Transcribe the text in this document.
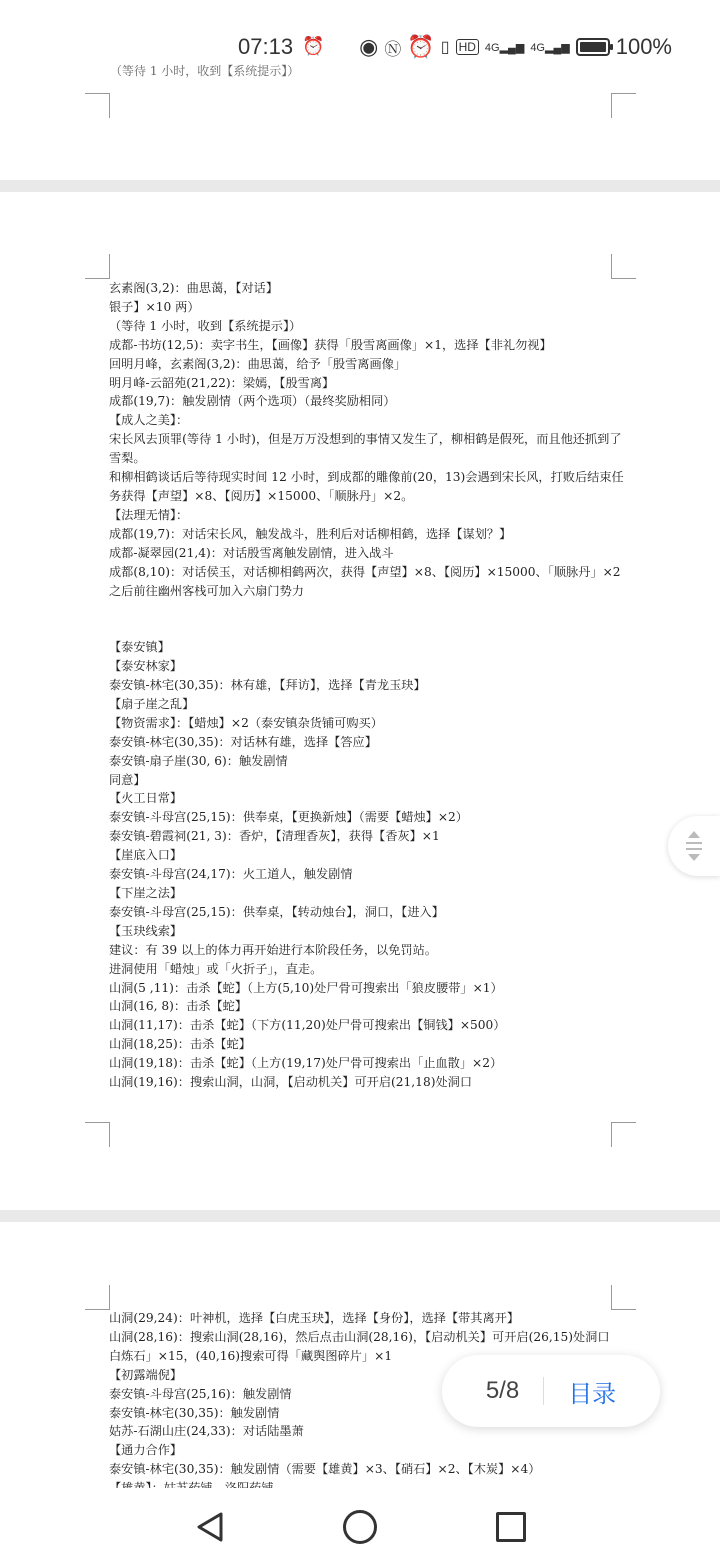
玄素阁(3,2)：曲思蔼，【对话】
银子】×10 两）
（等待 1 小时，收到【系统提示】）
成都-书坊(12,5)：卖字书生，【画像】获得「殷雪离画像」×1，选择【非礼勿视】
回明月峰，玄素阁(3,2)：曲思蔼，给予「殷雪离画像」
明月峰-云韶苑(21,22)：梁嫣，【殷雪离】
成都(19,7)：触发剧情（两个选项）（最终奖励相同）
【成人之美】：
宋长风去顶罪(等待 1 小时)，但是万万没想到的事情又发生了，柳相鹤是假死，而且他还抓到了雪梨。
和柳相鹤谈话后等待现实时间 12 小时，到成都的雕像前(20，13)会遇到宋长风，打败后结束任务获得【声望】×8、【阅历】×15000、「顺脉丹」×2。
【法理无情】：
成都(19,7)：对话宋长风，触发战斗，胜利后对话柳相鹤，选择【谋划？】
成都-凝翠园(21,4)：对话殷雪离触发剧情，进入战斗
成都(8,10)：对话侯玉，对话柳相鹤两次，获得【声望】×8、【阅历】×15000、「顺脉丹」×2
之后前往幽州客栈可加入六扇门势力
【泰安镇】
【泰安林家】
泰安镇-林宅(30,35)：林有雄，【拜访】，选择【青龙玉玦】
【扇子崖之乱】
【物资需求】：【蜡烛】×2（泰安镇杂货铺可购买）
泰安镇-林宅(30,35)：对话林有雄，选择【答应】
泰安镇-扇子崖(30, 6)：触发剧情
同意】
【火工日常】
泰安镇-斗母宫(25,15)：供奉桌，【更换新烛】（需要【蜡烛】×2）
泰安镇-碧霞祠(21, 3)：香炉，【清理香灰】，获得【香灰】×1
【崖底入口】
泰安镇-斗母宫(24,17)：火工道人，触发剧情
【下崖之法】
泰安镇-斗母宫(25,15)：供奉桌，【转动烛台】，洞口，【进入】
【玉玦线索】
建议：有 39 以上的体力再开始进行本阶段任务，以免罚站。
进洞使用「蜡烛」或「火折子」，直走。
山洞(5 ,11)：击杀【蛇】（上方(5,10)处尸骨可搜索出「狼皮腰带」×1）
山洞(16, 8)：击杀【蛇】
山洞(11,17)：击杀【蛇】（下方(11,20)处尸骨可搜索出【铜钱】×500）
山洞(18,25)：击杀【蛇】
山洞(19,18)：击杀【蛇】（上方(19,17)处尸骨可搜索出「止血散」×2）
山洞(19,16)：搜索山洞，山洞，【启动机关】可开启(21,18)处洞口
山洞(29,24)：叶神机，选择【白虎玉玦】，选择【身份】，选择【带其离开】
山洞(28,16)：搜索山洞(28,16)，然后点击山洞(28,16)，【启动机关】可开启(26,15)处洞口
白炼石」×15，(40,16)搜索可得「藏舆图碎片」×1
【初露端倪】
泰安镇-斗母宫(25,16)：触发剧情
泰安镇-林宅(30,35)：触发剧情
姑苏-石湖山庄(24,33)：对话陆墨萧
【通力合作】
泰安镇-林宅(30,35)：触发剧情（需要【雄黄】×3、【硝石】×2、【木炭】×4）
（等待 1 小时，收到【系统提示】）
07:13 ⏰ ◉ Ⓝ ⏰ ▯ HD 4G▂▄▆ 4G▂▄▆ 100%
5/8 目录
